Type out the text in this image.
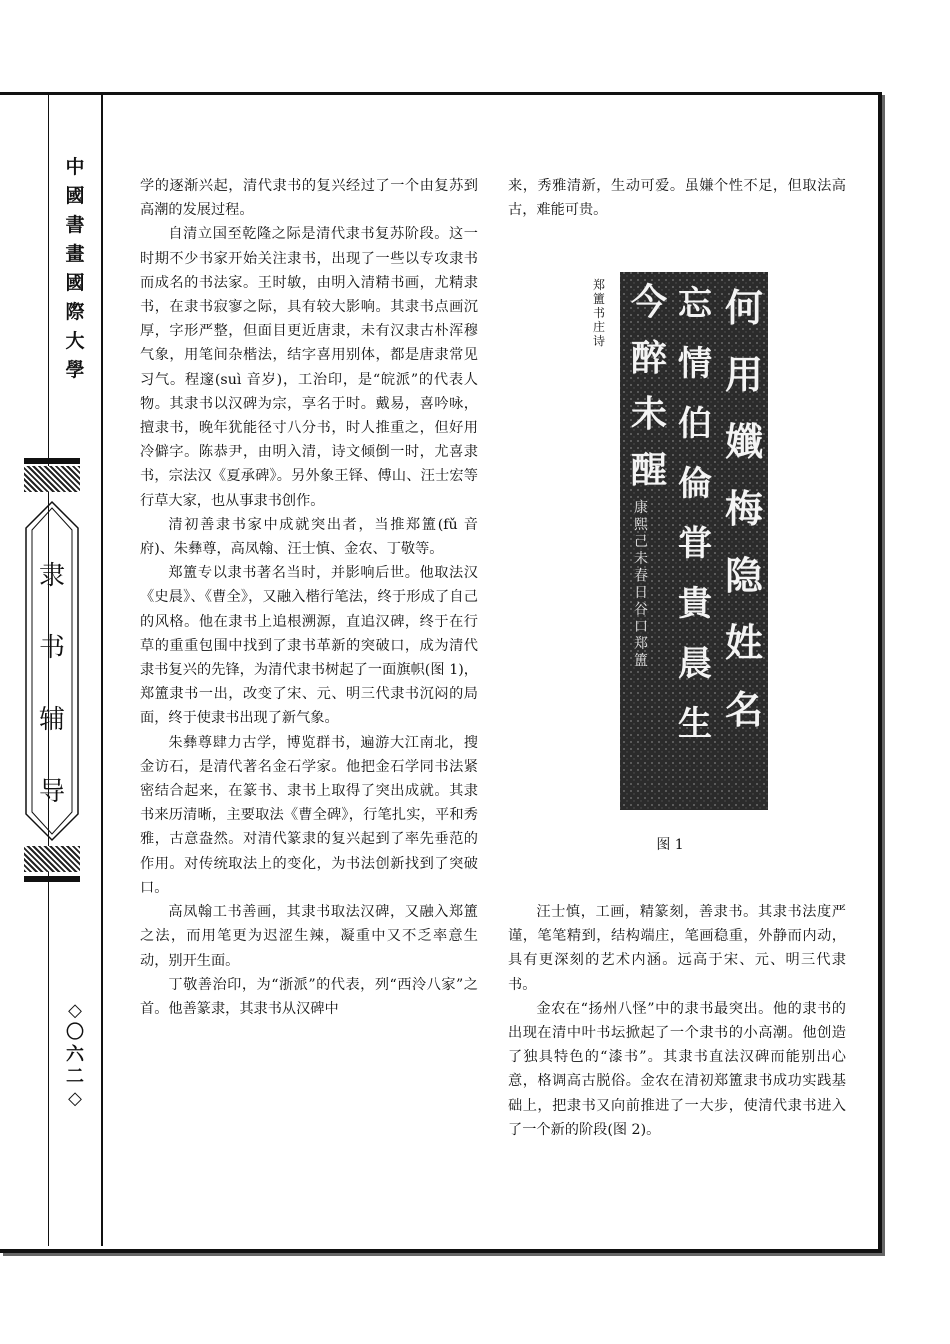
中
國
書
畫
國
際
大
學
隶
书
辅
导
◇
〇
六
二
◇

学的逐渐兴起，清代隶书的复兴经过了一个由复苏到高潮的发展过程。

自清立国至乾隆之际是清代隶书复苏阶段。这一时期不少书家开始关注隶书，出现了一些以专攻隶书而成名的书法家。王时敏，由明入清精书画，尤精隶书，在隶书寂寥之际，具有较大影响。其隶书点画沉厚，字形严整，但面目更近唐隶，未有汉隶古朴浑穆气象，用笔间杂楷法，结字喜用别体，都是唐隶常见习气。程邃(suì 音岁)，工治印，是“皖派”的代表人物。其隶书以汉碑为宗，享名于时。戴易，喜吟咏，擅隶书，晚年犹能径寸八分书，时人推重之，但好用冷僻字。陈恭尹，由明入清，诗文倾倒一时，尤喜隶书，宗法汉《夏承碑》。另外象王铎、傅山、汪士宏等行草大家，也从事隶书创作。

清初善隶书家中成就突出者，当推郑簠(fǔ 音府)、朱彝尊，高凤翰、汪士慎、金农、丁敬等。

郑簠专以隶书著名当时，并影响后世。他取法汉《史晨》、《曹全》，又融入楷行笔法，终于形成了自己的风格。他在隶书上追根溯源，直追汉碑，终于在行草的重重包围中找到了隶书革新的突破口，成为清代隶书复兴的先锋，为清代隶书树起了一面旗帜(图 1)，郑簠隶书一出，改变了宋、元、明三代隶书沉闷的局面，终于使隶书出现了新气象。

朱彝尊肆力古学，博览群书，遍游大江南北，搜金访石，是清代著名金石学家。他把金石学同书法紧密结合起来，在篆书、隶书上取得了突出成就。其隶书来历清晰，主要取法《曹全碑》，行笔扎实，平和秀雅，古意盎然。对清代篆隶的复兴起到了率先垂范的作用。对传统取法上的变化，为书法创新找到了突破口。

高凤翰工书善画，其隶书取法汉碑，又融入郑簠之法，而用笔更为迟涩生辣，凝重中又不乏率意生动，别开生面。

丁敬善治印，为“浙派”的代表，列“西泠八家”之首。他善篆隶，其隶书从汉碑中

来，秀雅清新，生动可爱。虽嫌个性不足，但取法高古，难能可贵。

何
用
孅
梅
隐
姓
名
忘
情
伯
倫
甞
貴
晨
生
今
醉
未
醒
郑
簠
书
庄
诗
康
熙
己
未
春
日
谷
口
郑
簠
图 1

汪士慎，工画，精篆刻，善隶书。其隶书法度严谨，笔笔精到，结构端庄，笔画稳重，外静而内动，具有更深刻的艺术内涵。远高于宋、元、明三代隶书。

金农在“扬州八怪”中的隶书最突出。他的隶书的出现在清中叶书坛掀起了一个隶书的小高潮。他创造了独具特色的“漆书”。其隶书直法汉碑而能别出心意，格调高古脱俗。金农在清初郑簠隶书成功实践基础上，把隶书又向前推进了一大步，使清代隶书进入了一个新的阶段(图 2)。
